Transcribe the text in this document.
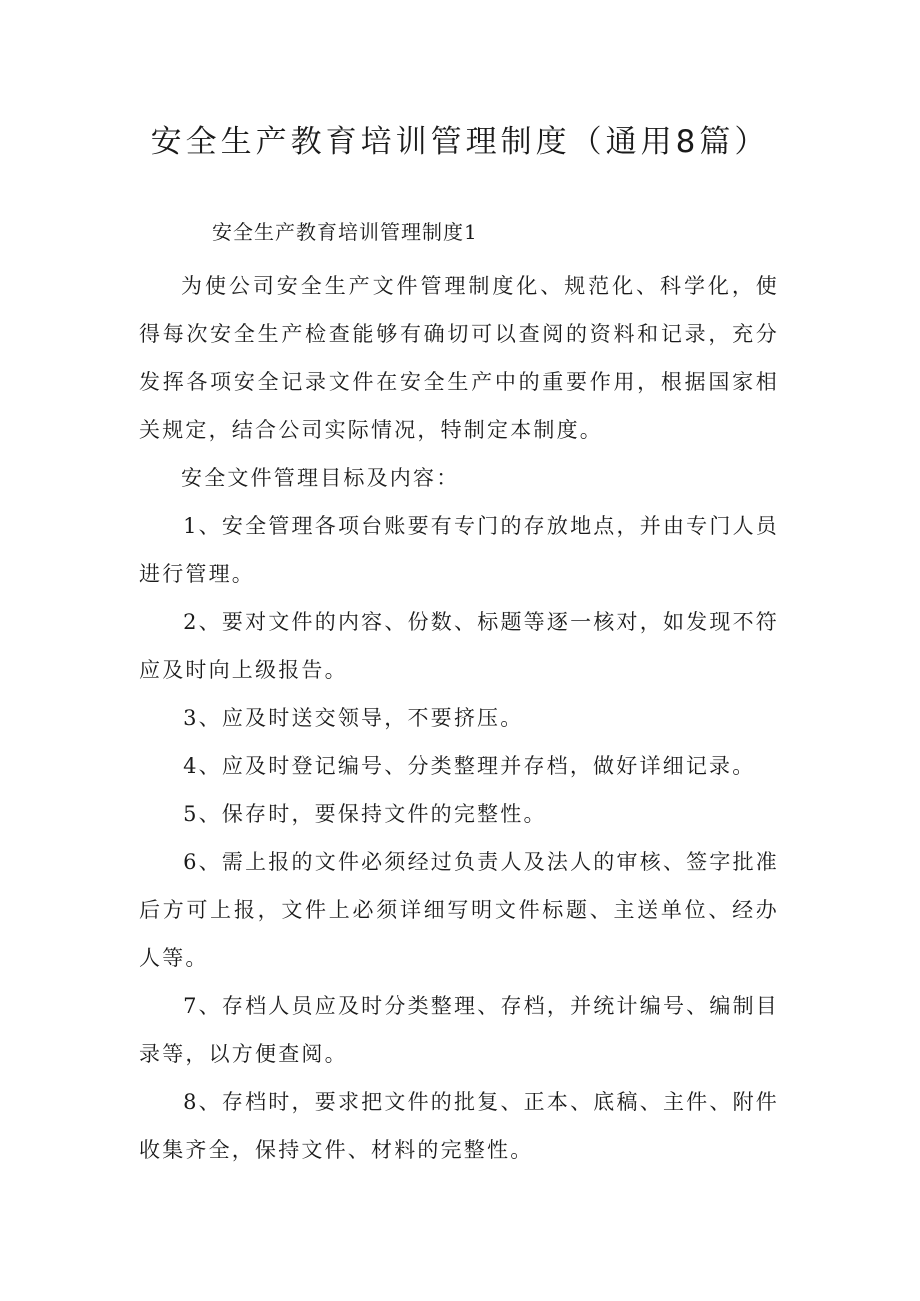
安全生产教育培训管理制度（通用8篇）
安全生产教育培训管理制度1

为使公司安全生产文件管理制度化、规范化、科学化，使得每次安全生产检查能够有确切可以查阅的资料和记录，充分发挥各项安全记录文件在安全生产中的重要作用，根据国家相关规定，结合公司实际情况，特制定本制度。

安全文件管理目标及内容：

1、安全管理各项台账要有专门的存放地点，并由专门人员进行管理。

2、要对文件的内容、份数、标题等逐一核对，如发现不符应及时向上级报告。

3、应及时送交领导，不要挤压。

4、应及时登记编号、分类整理并存档，做好详细记录。

5、保存时，要保持文件的完整性。

6、需上报的文件必须经过负责人及法人的审核、签字批准后方可上报，文件上必须详细写明文件标题、主送单位、经办人等。

7、存档人员应及时分类整理、存档，并统计编号、编制目录等，以方便查阅。

8、存档时，要求把文件的批复、正本、底稿、主件、附件收集齐全，保持文件、材料的完整性。
